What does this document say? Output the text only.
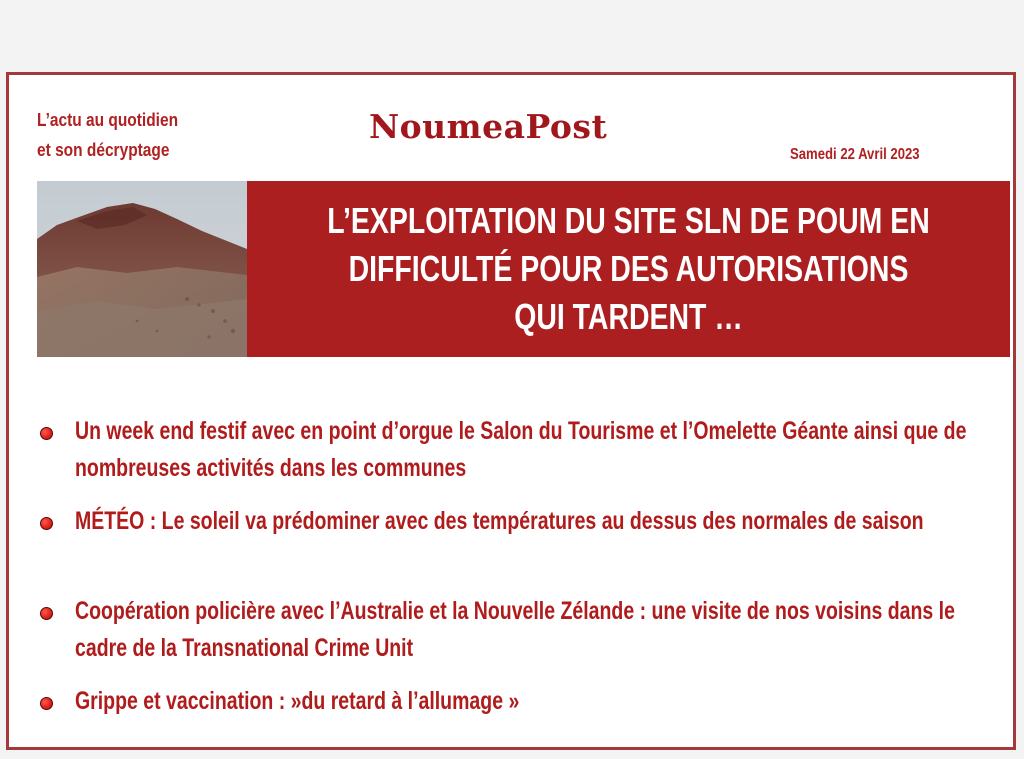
L’actu au quotidien
et son décryptage
NoumeaPost
Samedi 22 Avril 2023
L’EXPLOITATION DU SITE SLN DE POUM EN DIFFICULTÉ POUR DES AUTORISATIONS QUI TARDENT …
Un week end festif avec en point d’orgue le Salon du Tourisme et l’Omelette Géante ainsi que de nombreuses activités dans les communes
MÉTÉO : Le soleil va prédominer avec des températures au dessus des normales de saison
Coopération policière avec l’Australie et la Nouvelle Zélande : une visite de nos voisins dans le cadre de la Transnational Crime Unit
Grippe et vaccination : »du retard à l’allumage »
